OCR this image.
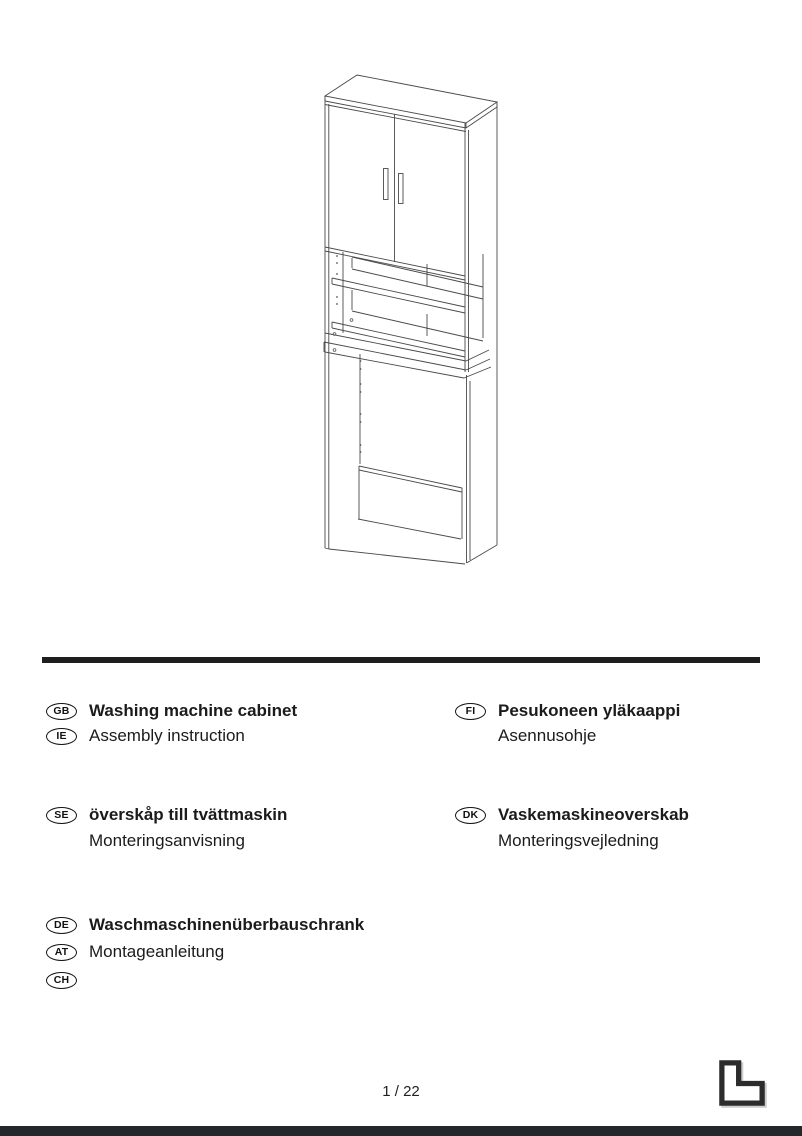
GB	Washing machine cabinet
IE	Assembly instruction
FI	Pesukoneen yläkaappi
Asennusohje
SE	överskåp till tvättmaskin
Monteringsanvisning
DK	Vaskemaskineoverskab
Monteringsvejledning
DE	Waschmaschinenüberbauschrank
AT	Montageanleitung
CH
1 / 22
